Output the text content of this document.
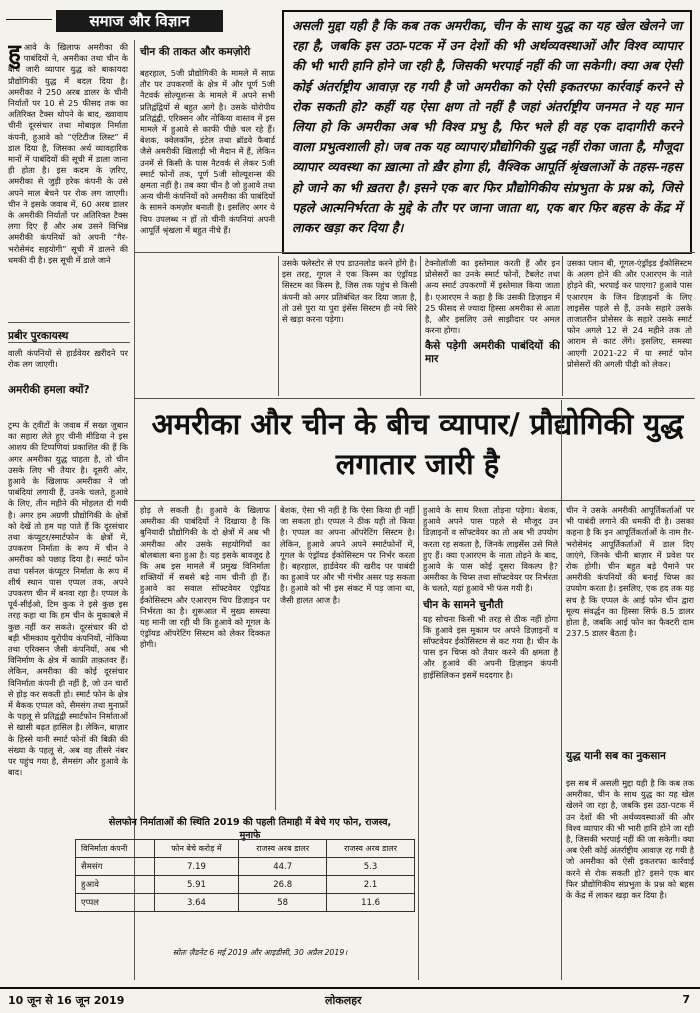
समाज और विज्ञान	असली मुद्दा यही है कि कब तक अमरीका, चीन के साथ युद्ध का यह खेल खेलने जा रहा है, जबकि इस उठा-पटक में उन देशों की भी अर्थव्यवस्थाओं और विश्व व्यापार की भी भारी हानि होने जा रही है, जिसकी भरपाई नहीं की जा सकेगी। क्या अब ऐसी कोई अंतर्राष्ट्रीय आवाज़ रह गयी है जो अमरीका को ऐसी इकतरफा कार्रवाई करने से रोक सकती हो? कहीं यह ऐसा क्षण तो नहीं है जहां अंतर्राष्ट्रीय जनमत ने यह मान लिया हो कि अमरीका अब भी विश्व प्रभु है, फिर भले ही वह एक दादागीरी करने वाला प्रभुत्वशाली हो। जब तक यह व्यापार/प्रौद्योगिकी युद्ध नहीं रोका जाता है, मौजूदा व्यापार व्यवस्था का ख़ात्मा तो ख़ैर होगा ही, वैश्विक आपूर्ति श्रृंखलाओं के तहस-नहस हो जाने का भी ख़तरा है। इसने एक बार फिर प्रौद्योगिकीय संप्रभुता के प्रश्न को, जिसे पहले आत्मनिर्भरता के मुद्दे के तौर पर जाना जाता था, एक बार फिर बहस के केंद्र में लाकर खड़ा कर दिया है।
हु आवे के खिलाफ अमरीका की पाबंदियों ने, अमरीका तथा चीन के बीच जारी व्यापार युद्ध को बाकायदा प्रौद्योगिकी युद्ध में बदल दिया है। अमरीका ने 250 अरब डालर के चीनी निर्यातों पर 10 से 25 फीसद तक का अतिरिक्त टैक्स थोपने के बाद, ख्वावाय चीनी दूरसंचार तथा मोबाइल निर्माता कंपनी, हुआवे को “एंटिटीज लिस्ट” में डाल दिया है, जिसका अर्थ व्यावहारिक मानों में पाबंदियों की सूची में डाला जाना ही होता है। इस कदम के ज़रिए, अमरीका से जुड़ी हरेक कंपनी के उसे अपने माल बेचने पर रोक लग जाएगी। चीन ने इसके जवाब में, 60 अरब डालर के अमरीकी निर्यातों पर अतिरिक्त टैक्स लगा दिए हैं और अब उसने विभिन्न अमरीकी कंपनियों को अपनी “गैर-भरोसेमंद सहयोगी” सूची में डालने की धमकी दी है। इस सूची में डाले जाने
प्रबीर पुरकायस्थ
वाली कंपनियों से हार्डवेयर ख़रीदने पर रोक लग जाएगी।
अमरीकी हमला क्यों?
ट्रम्प के ट्वीटों के जवाब में सख्त जुबान का सहारा लेते हुए चीनी मीडिया ने इस आशय की टिप्पणियां प्रकाशित की हैं कि अगर अमरीका युद्ध चाहता है, तो चीन उसके लिए भी तैयार है। दूसरी ओर, हुआवे के खिलाफ अमरीका ने जो पाबंदियां लगायी हैं, उनके चलते, हुआवे के लिए, तीन महीने की मोहलत दी गयी है। अगर हम अग्रणी प्रौद्योगिकी के क्षेत्रों को देखें तो हम यह पाते हैं कि दूरसंचार तथा कंप्यूटर/स्मार्टफोन के क्षेत्रों में, उपकरण निर्माता के रूप में चीन ने अमरीका को पछाड़ दिया है। स्मार्ट फोन तथा पर्सनल कंप्यूटर निर्माता के रूप में शीर्ष स्थान पास एप्पल तक, अपने उपकरण चीन में बनवा रहा है। एप्पल के पूर्व-सीईओ, टिम कुक ने इसे कुछ इस तरह कहा था कि हम चीन के मुकाबले में कुछ नहीं कर सकते। दूरसंचार की दो बड़ी भीमकाय यूरोपीय कंपनियों, नोकिया तथा एरिक्सन जैसी कंपनियों, अब भी विनिर्माण के क्षेत्र में काफ़ी ताक़तवर हैं। लेकिन, अमरीका की कोई दूरसंचार विनिर्माता कंपनी ही नहीं है, जो उन चारों से होड़ कर सकती हो। स्मार्ट फोन के क्षेत्र में बैकक एप्पल को, सैमसंग तथा मुनाफ़ों के पहलू से प्रतिद्वंद्वी स्मार्टफोन निर्माताओं से खासी बढ़त हासिल है। लेकिन, बाज़ार के हिस्से यानी स्मार्ट फोनों की बिक्री की संख्या के पहलू से, अब वह तीसरे नंबर पर पहुंच गया है, सैमसंग और हुआवे के बाद।
चीन की ताकत और कमज़ोरी
बहरहाल, 5जी प्रौद्योगिकी के मामले में साफ़ तौर पर उपकरणों के क्षेत्र में और पूर्ण 5जी नैटवर्क सोल्यूशन्स के मामले में अपने सभी प्रतिद्वंद्वियों से बहुत आगे है। उसके योरोपीय प्रतिद्वंद्वी, एरिक्सन और नोकिया वास्तव में इस मामले में हुआवे से काफी पीछे चल रहे हैं। बेशक, क्वेलकॉम, इंटेल तथा ब्रॉडवे फैबार्ड जैसे अमरीकी खिलाड़ी भी मैदान में हैं, लेकिन उनमें से किसी के पास नैटवर्क से लेकर 5जी स्मार्ट फोनों तक, पूर्ण 5जी सोल्यूशन्स की क्षमता नहीं है। तब क्या चीन है जो हुआवे तथा अन्य चीनी कंपनियों को अमरीका की पाबंदियों के सामने कमज़ोर बनाती है। इसलिए अगर ये चिप उपलब्ध न हों तो चीनी कंपनियां अपनी आपूर्ति श्रृंखला में बहुत नीचे हैं।
उसके फ्लेस्टोर से एप डाउनलोड करने होंगे है। इस तरह, गूगल ने एक किस्म का एंड्रॉयड सिस्टम का किस्म है, जिस तक पहुंच से किसी कंपनी को अगर प्रतिबंधित कर दिया जाता है, तो उसे पुरा या पुरा इंसेंस सिस्टम ही नये सिरे से खड़ा करना पड़ेगा।
टेक्नोलॉजी का इस्तेमाल करती हैं और इन प्रोसेसरों का उनके स्मार्ट फोनों, टैबलेट तथा अन्य स्मार्ट उपकरणों में इस्तेमाल किया जाता है। एआरएम ने कहा है कि उसकी डिज़ाइन में 25 फीसद से ज्यादा हिस्सा अमरीका से आता है, और इसलिए उसे साझीदार पर अमल करना होगा।
कैसे पड़ेगी अमरीकी पाबंदियों की मार
उसका प्लान बी, गूगल-एंड्रॉइड ईकोसिस्टम के अलग होने की और एआरएम के नाते होड़ने की, भरपाई कर पाएगा? हुआवे पास एआरएम के जिन डिज़ाइनों के लिए लाइसेंस पहले से हैं, उनके सहारे उसके ताजातरीन प्रोसेसर के सहारे उसके स्मार्ट फोन अगले 12 से 24 महीने तक तो आराम से काट लेंगे। इसलिए, समस्या आएगी 2021-22 में या स्मार्ट फोन प्रोसेसरों की अगली पीढ़ी को लेकर।
अमरीका और चीन के बीच व्यापार/ प्रौद्योगिकी युद्ध लगातार जारी है
होड़ ले सकती है। हुआवे के खिलाफ अमरीका की पाबंदियों ने दिखाया है कि बुनियादी प्रौद्योगिकी के दो क्षेत्रों में अब भी अमरीका और उसके सहयोगियों का बोलबाला बना हुआ है। यह इसके बावजूद है कि अब इस मामले में प्रमुख विनिर्माता शक्तियों में सबसे बड़े नाम चीनी ही हैं। हुआवे का सवाल सॉफ्टवेयर एंड्रॉयड ईकोसिस्टम और एआरएम चिप डिज़ाइन पर निर्भरता का है। शुरूआत में मुख्य समस्या यह मानी जा रही थी कि हुआवे को गूगल के एंड्रॉयड ऑपरेटिंग सिस्टम को लेकर दिक्कत होगी।
बेशक, ऐसा भी नहीं है कि ऐसा किया ही नहीं जा सकता हो। एप्पल ने ठीक यही तो किया है। एप्पल का अपना ऑपरेटिंग सिस्टम है। लेकिन, हुआवे अपने अपने स्मार्टफोनों में, गूगल के एंड्रॉयड ईकोसिस्टम पर निर्भर करता है। बहरहाल, हार्डवेयर की खरीद पर पाबंदी का हुआवे पर और भी गंभीर असर पड़ सकता है। हुआवे को भी इस संकट में पड़ जाना था, जैसी हालत आज है।
हुआवे के साथ रिश्ता तोड़ना पड़ेगा। बेशक, हुआवे अपने पास पहले से मौजूद उन डिज़ाइनों व सॉफ्टवेयर का तो अब भी उपयोग करता रह सकता है, जिनके लाइसेंस उसे मिले हुए हैं। क्या एआरएम के नाता तोड़ने के बाद, हुआवे के पास कोई दूसरा विकल्प है? अमरीका के चिप्स तथा सॉफ्टवेयर पर निर्भरता के चलते, यहां हुआवे भी फंस गयी है।
चीन के सामने चुनौती
यह सोचना किसी भी तरह से ठीक नहीं होगा कि हुआवे इस मुकाम पर अपने डिज़ाइनों व सॉफ्टवेयर ईकोसिस्टम से कट गया है। चीन के पास इन चिप्स को तैयार करने की क्षमता है और हुआवे की अपनी डिज़ाइन कंपनी हाईसिलिकन इसमें मददगार है।
चीन ने उसके अमरीकी आपूर्तिकर्ताओं पर भी पाबंदी लगाने की धमकी दी है। उसका कहना है कि इन आपूर्तिकर्ताओं के नाम ग़ैर-भरोसेमंद आपूर्तिकर्ताओं में डाल दिए जाएंगे, जिनके चीनी बाज़ार में प्रवेश पर रोक होगी। चीन बहुत बड़े पैमाने पर अमरीकी कंपनियों की बनाई चिप्स का उपयोग करता है। इसलिए, एक हद तक यह सच है कि एप्पल के आई फोन चीन द्वारा मूल्य संवर्द्धन का हिस्सा सिर्फ 8.5 डालर होता है, जबकि आई फोन का फैक्टरी दाम 237.5 डालर बैठता है।
युद्ध यानी सब का नुकसान
इस सब में असली मुद्दा यही है कि कब तक अमरीका, चीन के साथ युद्ध का यह खेल खेलने जा रहा है, जबकि इस उठा-पटक में उन देशों की भी अर्थव्यवस्थाओं की और विश्व व्यापार की भी भारी हानि होने जा रही है, जिसकी भरपाई नहीं की जा सकेगी। क्या अब ऐसी कोई अंतर्राष्ट्रीय आवाज़ रह गयी है जो अमरीका को ऐसी इकतरफा कार्रवाई करने से रोक सकती हो? इसने एक बार फिर प्रौद्योगिकीय संप्रभुता के प्रश्न को बहस के केंद्र में लाकर खड़ा कर दिया है।
सेलफोन निर्माताओं की स्थिति 2019 की पहली तिमाही में बेचे गए फोन, राजस्व, मुनाफे
विनिर्माता कंपनी	फोन बेचे करोड़ में	राजस्व अरब डालर	राजस्व अरब डालर
सैमसंग	7.19	44.7	5.3
हुआवे	5.91	26.8	2.1
एप्पल	3.64	58	11.6
स्रोतः ज़ैडनेट 6 मई 2019 और आइडीसी, 30 अप्रैल 2019।
10 जून से 16 जून 2019	लोकलहर	7
